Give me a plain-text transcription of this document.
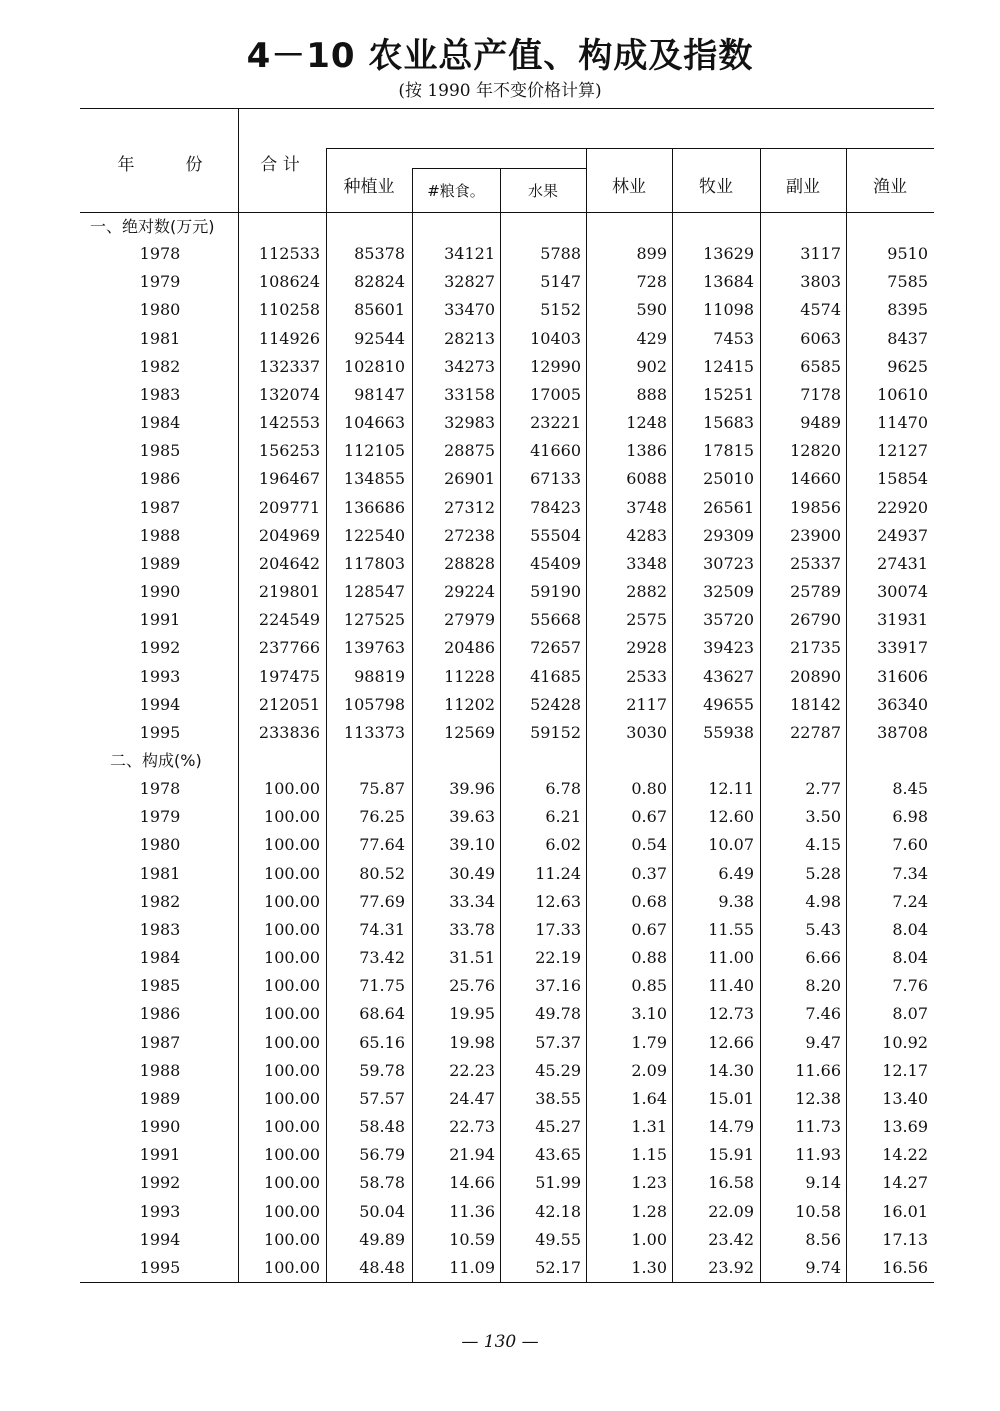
4－10 农业总产值、构成及指数
(按 1990 年不变价格计算)
年　　　份	合 计
种植业	#粮食。	水果	林业	牧业	副业	渔业
一、绝对数(万元)
二、构成(%)
1978	112533	85378	34121	5788	899	13629	3117	9510
1979	108624	82824	32827	5147	728	13684	3803	7585
1980	110258	85601	33470	5152	590	11098	4574	8395
1981	114926	92544	28213	10403	429	7453	6063	8437
1982	132337	102810	34273	12990	902	12415	6585	9625
1983	132074	98147	33158	17005	888	15251	7178	10610
1984	142553	104663	32983	23221	1248	15683	9489	11470
1985	156253	112105	28875	41660	1386	17815	12820	12127
1986	196467	134855	26901	67133	6088	25010	14660	15854
1987	209771	136686	27312	78423	3748	26561	19856	22920
1988	204969	122540	27238	55504	4283	29309	23900	24937
1989	204642	117803	28828	45409	3348	30723	25337	27431
1990	219801	128547	29224	59190	2882	32509	25789	30074
1991	224549	127525	27979	55668	2575	35720	26790	31931
1992	237766	139763	20486	72657	2928	39423	21735	33917
1993	197475	98819	11228	41685	2533	43627	20890	31606
1994	212051	105798	11202	52428	2117	49655	18142	36340
1995	233836	113373	12569	59152	3030	55938	22787	38708
1978	100.00	75.87	39.96	6.78	0.80	12.11	2.77	8.45
1979	100.00	76.25	39.63	6.21	0.67	12.60	3.50	6.98
1980	100.00	77.64	39.10	6.02	0.54	10.07	4.15	7.60
1981	100.00	80.52	30.49	11.24	0.37	6.49	5.28	7.34
1982	100.00	77.69	33.34	12.63	0.68	9.38	4.98	7.24
1983	100.00	74.31	33.78	17.33	0.67	11.55	5.43	8.04
1984	100.00	73.42	31.51	22.19	0.88	11.00	6.66	8.04
1985	100.00	71.75	25.76	37.16	0.85	11.40	8.20	7.76
1986	100.00	68.64	19.95	49.78	3.10	12.73	7.46	8.07
1987	100.00	65.16	19.98	57.37	1.79	12.66	9.47	10.92
1988	100.00	59.78	22.23	45.29	2.09	14.30	11.66	12.17
1989	100.00	57.57	24.47	38.55	1.64	15.01	12.38	13.40
1990	100.00	58.48	22.73	45.27	1.31	14.79	11.73	13.69
1991	100.00	56.79	21.94	43.65	1.15	15.91	11.93	14.22
1992	100.00	58.78	14.66	51.99	1.23	16.58	9.14	14.27
1993	100.00	50.04	11.36	42.18	1.28	22.09	10.58	16.01
1994	100.00	49.89	10.59	49.55	1.00	23.42	8.56	17.13
1995	100.00	48.48	11.09	52.17	1.30	23.92	9.74	16.56
— 130 —
